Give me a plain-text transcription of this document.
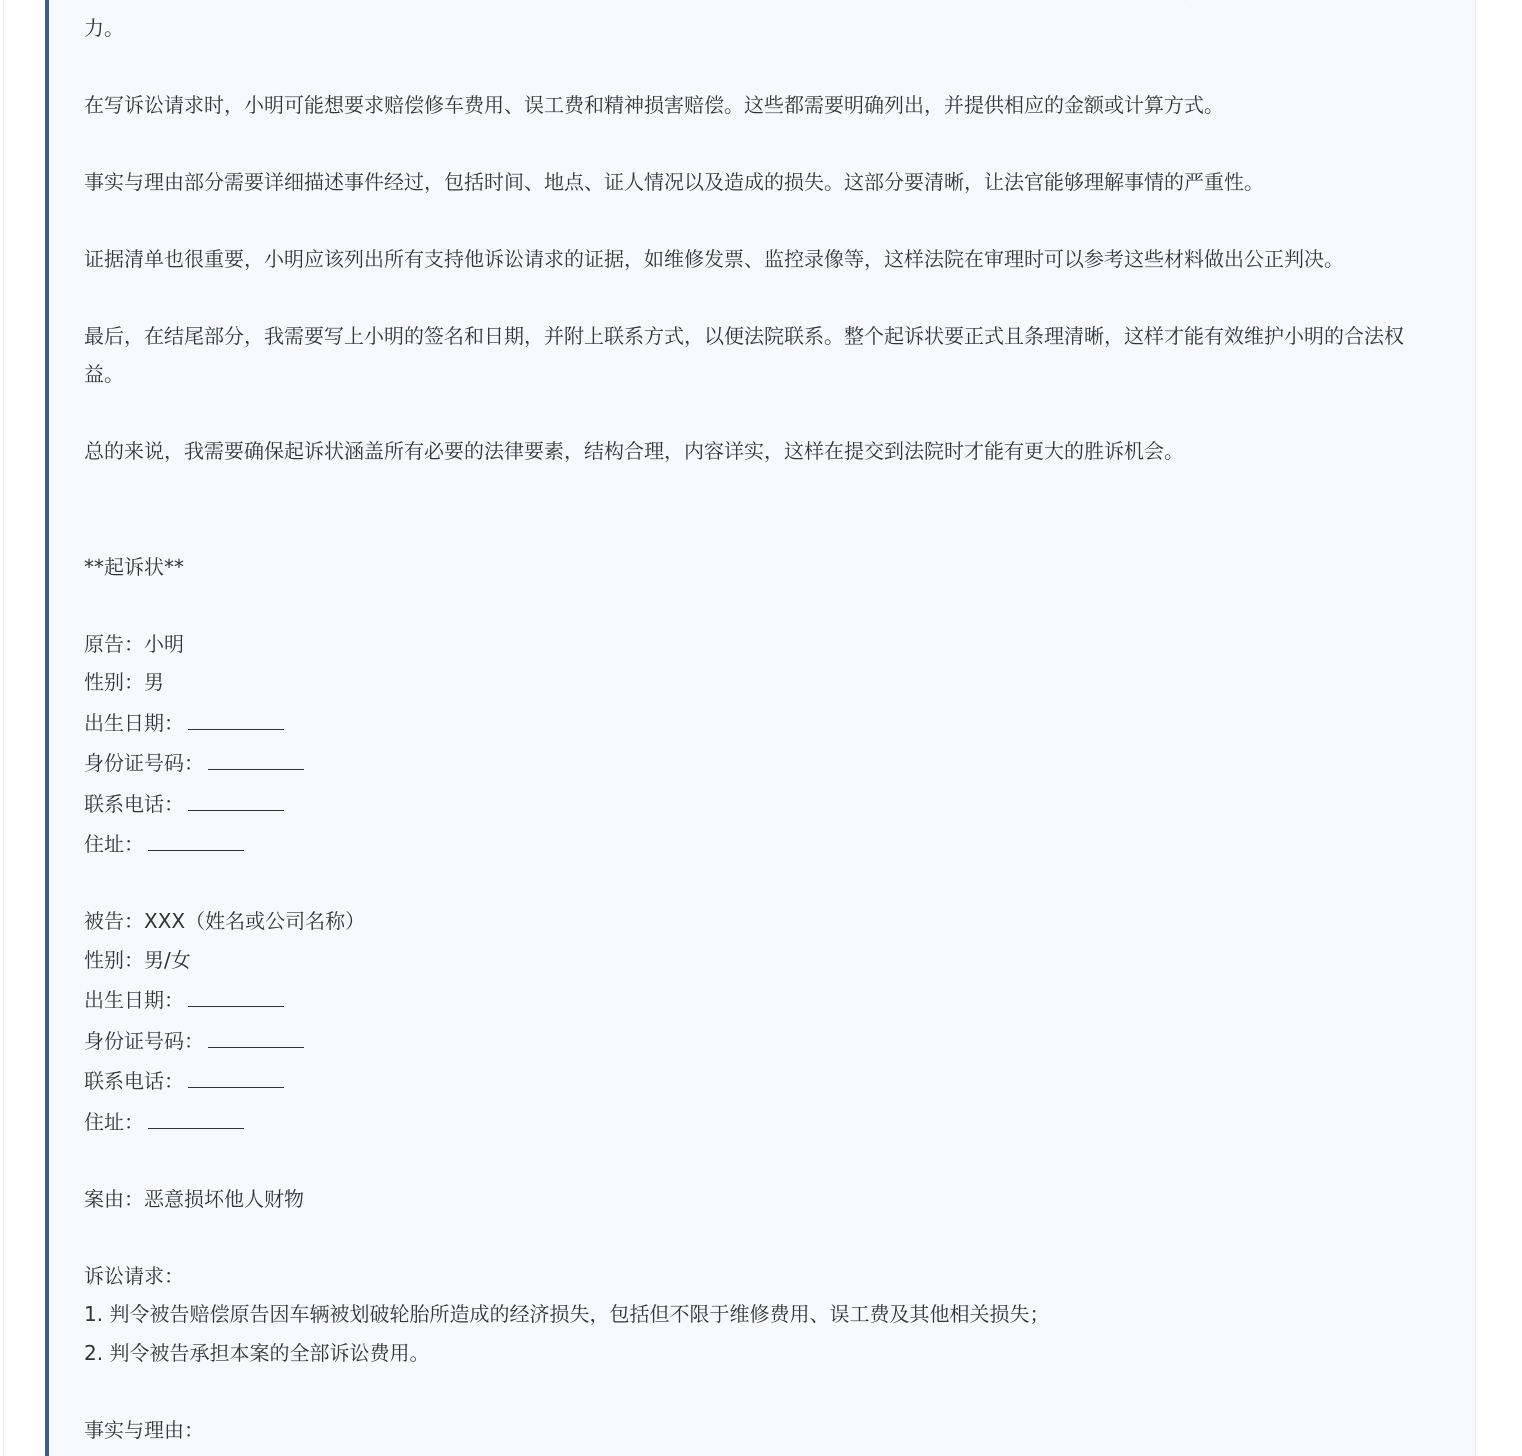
力。

在写诉讼请求时，小明可能想要求赔偿修车费用、误工费和精神损害赔偿。这些都需要明确列出，并提供相应的金额或计算方式。

事实与理由部分需要详细描述事件经过，包括时间、地点、证人情况以及造成的损失。这部分要清晰，让法官能够理解事情的严重性。

证据清单也很重要，小明应该列出所有支持他诉讼请求的证据，如维修发票、监控录像等，这样法院在审理时可以参考这些材料做出公正判决。

最后，在结尾部分，我需要写上小明的签名和日期，并附上联系方式，以便法院联系。整个起诉状要正式且条理清晰，这样才能有效维护小明的合法权益。

总的来说，我需要确保起诉状涵盖所有必要的法律要素，结构合理，内容详实，这样在提交到法院时才能有更大的胜诉机会。

**起诉状**

原告：小明

性别：男

出生日期：

身份证号码：

联系电话：

住址：

被告：XXX（姓名或公司名称）

性别：男/女

出生日期：

身份证号码：

联系电话：

住址：

案由：恶意损坏他人财物

诉讼请求：

1. 判令被告赔偿原告因车辆被划破轮胎所造成的经济损失，包括但不限于维修费用、误工费及其他相关损失；

2. 判令被告承担本案的全部诉讼费用。

事实与理由：
